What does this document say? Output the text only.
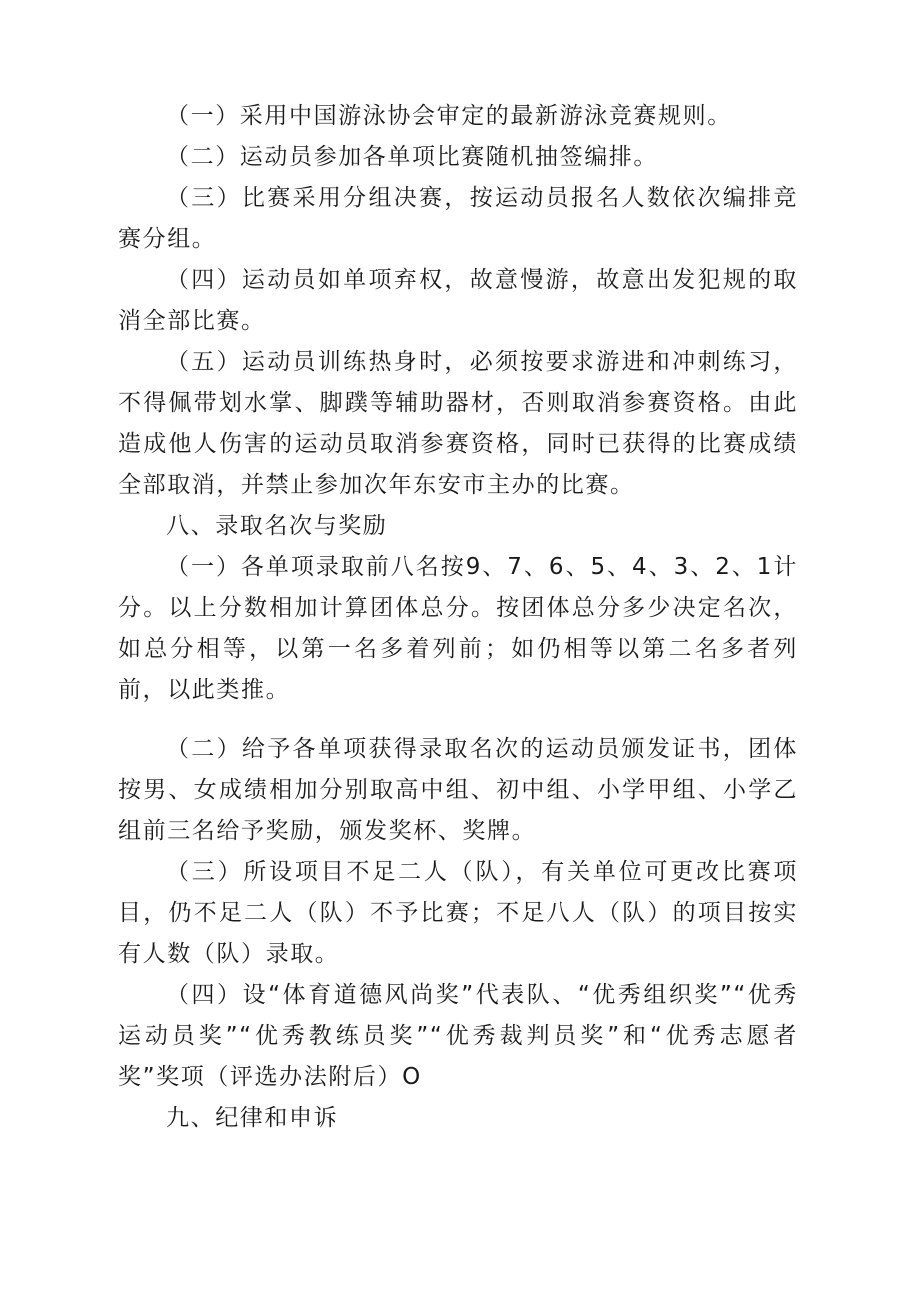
（一）采用中国游泳协会审定的最新游泳竞赛规则。

（二）运动员参加各单项比赛随机抽签编排。

（三）比赛采用分组决赛，按运动员报名人数依次编排竞赛分组。

（四）运动员如单项弃权，故意慢游，故意出发犯规的取消全部比赛。

（五）运动员训练热身时，必须按要求游进和冲刺练习，不得佩带划水掌、脚蹼等辅助器材，否则取消参赛资格。由此造成他人伤害的运动员取消参赛资格，同时已获得的比赛成绩全部取消，并禁止参加次年东安市主办的比赛。

八、录取名次与奖励

（一）各单项录取前八名按9、7、6、5、4、3、2、1计分。以上分数相加计算团体总分。按团体总分多少决定名次，如总分相等，以第一名多着列前；如仍相等以第二名多者列前，以此类推。

（二）给予各单项获得录取名次的运动员颁发证书，团体按男、女成绩相加分别取高中组、初中组、小学甲组、小学乙组前三名给予奖励，颁发奖杯、奖牌。

（三）所设项目不足二人（队），有关单位可更改比赛项目，仍不足二人（队）不予比赛；不足八人（队）的项目按实有人数（队）录取。

（四）设“体育道德风尚奖”代表队、“优秀组织奖”“优秀运动员奖”“优秀教练员奖”“优秀裁判员奖”和“优秀志愿者奖”奖项（评选办法附后）O

九、纪律和申诉
